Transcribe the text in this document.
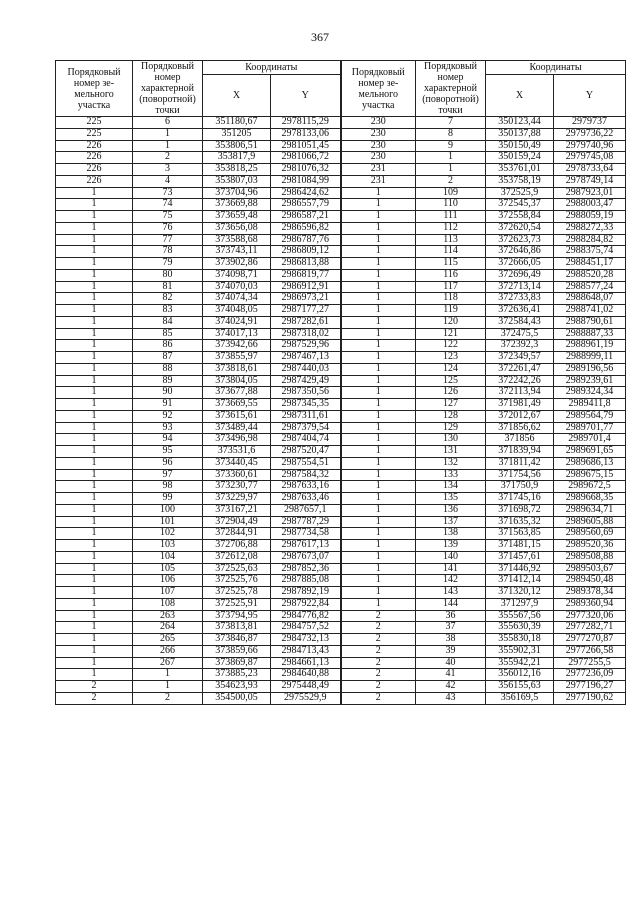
367
Порядковый номер зе-мельного участка	Порядковый номер характерной (поворотной) точки	Координаты		Порядковый номер зе-мельного участка	Порядковый номер характерной (поворотной) точки	Координаты	
		X	Y			X	Y
225	6	351180,67	2978115,29	230	7	350123,44	2979737
225	1	351205	2978133,06	230	8	350137,88	2979736,22
226	1	353806,51	2981051,45	230	9	350150,49	2979740,96
226	2	353817,9	2981066,72	230	1	350159,24	2979745,08
226	3	353818,25	2981076,32	231	1	353761,01	2978733,64
226	4	353807,03	2981084,99	231	2	353758,19	2978749,14
1	73	373704,96	2986424,62	1	109	372525,9	2987923,01
1	74	373669,88	2986557,79	1	110	372545,37	2988003,47
1	75	373659,48	2986587,21	1	111	372558,84	2988059,19
1	76	373656,08	2986596,82	1	112	372620,54	2988272,33
1	77	373588,68	2986787,76	1	113	372623,73	2988284,82
1	78	373743,11	2986809,12	1	114	372646,86	2988375,74
1	79	373902,86	2986813,88	1	115	372666,05	2988451,17
1	80	374098,71	2986819,77	1	116	372696,49	2988520,28
1	81	374070,03	2986912,91	1	117	372713,14	2988577,24
1	82	374074,34	2986973,21	1	118	372733,83	2988648,07
1	83	374048,05	2987177,27	1	119	372636,41	2988741,02
1	84	374024,91	2987282,61	1	120	372584,43	2988790,61
1	85	374017,13	2987318,02	1	121	372475,5	2988887,33
1	86	373942,66	2987529,96	1	122	372392,3	2988961,19
1	87	373855,97	2987467,13	1	123	372349,57	2988999,11
1	88	373818,61	2987440,03	1	124	372261,47	2989196,56
1	89	373804,05	2987429,49	1	125	372242,26	2989239,61
1	90	373677,88	2987350,56	1	126	372113,94	2989324,34
1	91	373669,55	2987345,35	1	127	371981,49	2989411,8
1	92	373615,61	2987311,61	1	128	372012,67	2989564,79
1	93	373489,44	2987379,54	1	129	371856,62	2989701,77
1	94	373496,98	2987404,74	1	130	371856	2989701,4
1	95	373531,6	2987520,47	1	131	371839,94	2989691,65
1	96	373440,45	2987554,51	1	132	371811,42	2989686,13
1	97	373360,61	2987584,32	1	133	371754,56	2989675,15
1	98	373230,77	2987633,16	1	134	371750,9	2989672,5
1	99	373229,97	2987633,46	1	135	371745,16	2989668,35
1	100	373167,21	2987657,1	1	136	371698,72	2989634,71
1	101	372904,49	2987787,29	1	137	371635,32	2989605,88
1	102	372844,91	2987734,58	1	138	371563,85	2989560,69
1	103	372706,88	2987617,13	1	139	371481,15	2989520,36
1	104	372612,08	2987673,07	1	140	371457,61	2989508,88
1	105	372525,63	2987852,36	1	141	371446,92	2989503,67
1	106	372525,76	2987885,08	1	142	371412,14	2989450,48
1	107	372525,78	2987892,19	1	143	371320,12	2989378,34
1	108	372525,91	2987922,84	1	144	371297,9	2989360,94
1	263	373794,95	2984776,82	2	36	355567,56	2977320,06
1	264	373813,81	2984757,52	2	37	355630,39	2977282,71
1	265	373846,87	2984732,13	2	38	355830,18	2977270,87
1	266	373859,66	2984713,43	2	39	355902,31	2977266,58
1	267	373869,87	2984661,13	2	40	355942,21	2977255,5
1	1	373885,23	2984640,88	2	41	356012,16	2977236,09
2	1	354623,93	2975448,49	2	42	356155,63	2977196,27
2	2	354500,05	2975529,9	2	43	356169,5	2977190,62
